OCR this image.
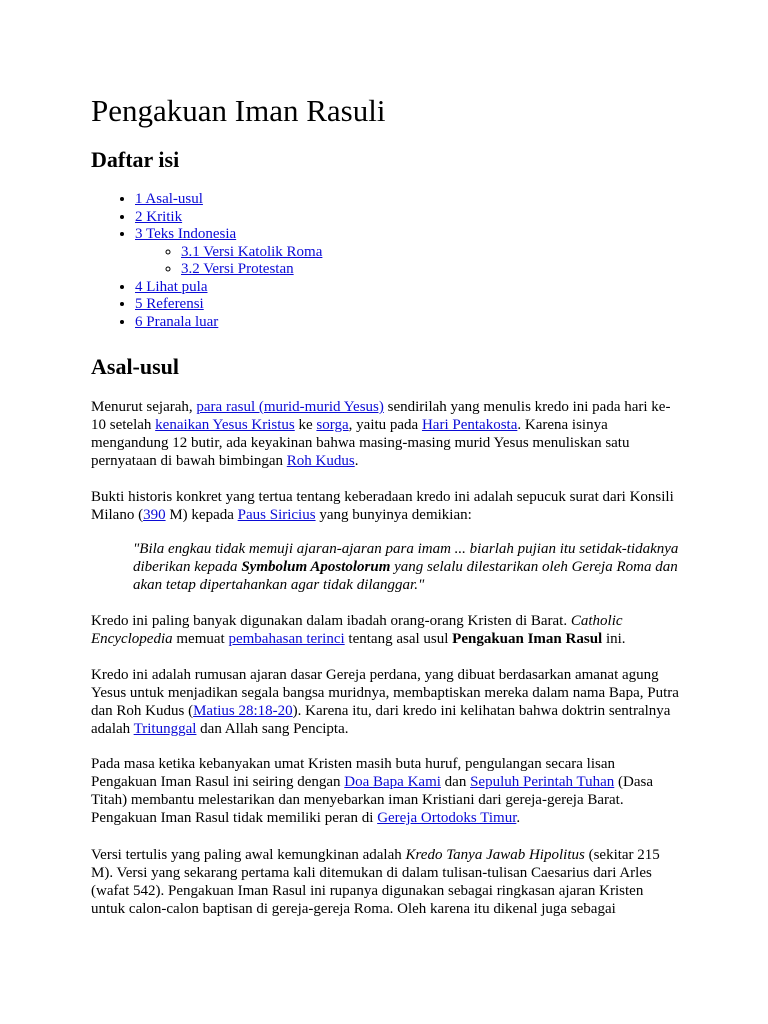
Pengakuan Iman Rasuli
Daftar isi
• 1 Asal-usul
• 2 Kritik
• 3 Teks Indonesia
◦ 3.1 Versi Katolik Roma
◦ 3.2 Versi Protestan
• 4 Lihat pula
• 5 Referensi
• 6 Pranala luar
Asal-usul

Menurut sejarah, para rasul (murid-murid Yesus) sendirilah yang menulis kredo ini pada hari ke-10 setelah kenaikan Yesus Kristus ke sorga, yaitu pada Hari Pentakosta. Karena isinya mengandung 12 butir, ada keyakinan bahwa masing-masing murid Yesus menuliskan satu pernyataan di bawah bimbingan Roh Kudus.

Bukti historis konkret yang tertua tentang keberadaan kredo ini adalah sepucuk surat dari Konsili Milano (390 M) kepada Paus Siricius yang bunyinya demikian:

"Bila engkau tidak memuji ajaran-ajaran para imam ... biarlah pujian itu setidak-tidaknya diberikan kepada Symbolum Apostolorum yang selalu dilestarikan oleh Gereja Roma dan akan tetap dipertahankan agar tidak dilanggar."

Kredo ini paling banyak digunakan dalam ibadah orang-orang Kristen di Barat. Catholic Encyclopedia memuat pembahasan terinci tentang asal usul Pengakuan Iman Rasul ini.

Kredo ini adalah rumusan ajaran dasar Gereja perdana, yang dibuat berdasarkan amanat agung Yesus untuk menjadikan segala bangsa muridnya, membaptiskan mereka dalam nama Bapa, Putra dan Roh Kudus (Matius 28:18-20). Karena itu, dari kredo ini kelihatan bahwa doktrin sentralnya adalah Tritunggal dan Allah sang Pencipta.

Pada masa ketika kebanyakan umat Kristen masih buta huruf, pengulangan secara lisan Pengakuan Iman Rasul ini seiring dengan Doa Bapa Kami dan Sepuluh Perintah Tuhan (Dasa Titah) membantu melestarikan dan menyebarkan iman Kristiani dari gereja-gereja Barat. Pengakuan Iman Rasul tidak memiliki peran di Gereja Ortodoks Timur.

Versi tertulis yang paling awal kemungkinan adalah Kredo Tanya Jawab Hipolitus (sekitar 215 M). Versi yang sekarang pertama kali ditemukan di dalam tulisan-tulisan Caesarius dari Arles (wafat 542). Pengakuan Iman Rasul ini rupanya digunakan sebagai ringkasan ajaran Kristen untuk calon-calon baptisan di gereja-gereja Roma. Oleh karena itu dikenal juga sebagai
